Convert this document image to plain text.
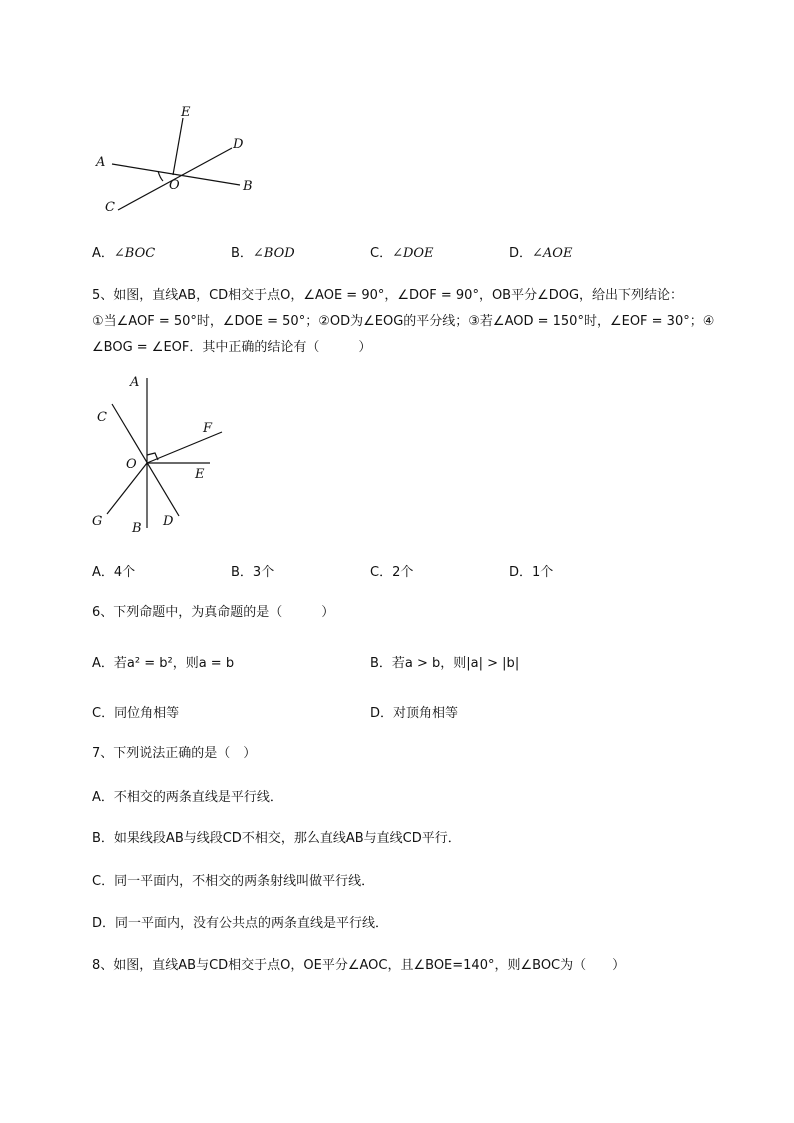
E
D
A
O	B
C
A．∠BOC	B．∠BOD	C．∠DOE	D．∠AOE
5、如图，直线AB，CD相交于点O，∠AOE = 90°，∠DOF = 90°，OB平分∠DOG，给出下列结论：
①当∠AOF = 50°时，∠DOE = 50°；②OD为∠EOG的平分线；③若∠AOD = 150°时，∠EOF = 30°；④
∠BOG = ∠EOF．其中正确的结论有（　　　）
A
C
F
O
E
G B D
A．4个	B．3个	C．2个	D．1个
6、下列命题中，为真命题的是（　　　）
A．若a² = b²，则a = b	B．若a > b，则|a| > |b|
C．同位角相等	D．对顶角相等
7、下列说法正确的是（　）
A．不相交的两条直线是平行线．
B．如果线段AB与线段CD不相交，那么直线AB与直线CD平行．
C．同一平面内，不相交的两条射线叫做平行线．
D．同一平面内，没有公共点的两条直线是平行线．
8、如图，直线AB与CD相交于点O，OE平分∠AOC，且∠BOE=140°，则∠BOC为（　　）
